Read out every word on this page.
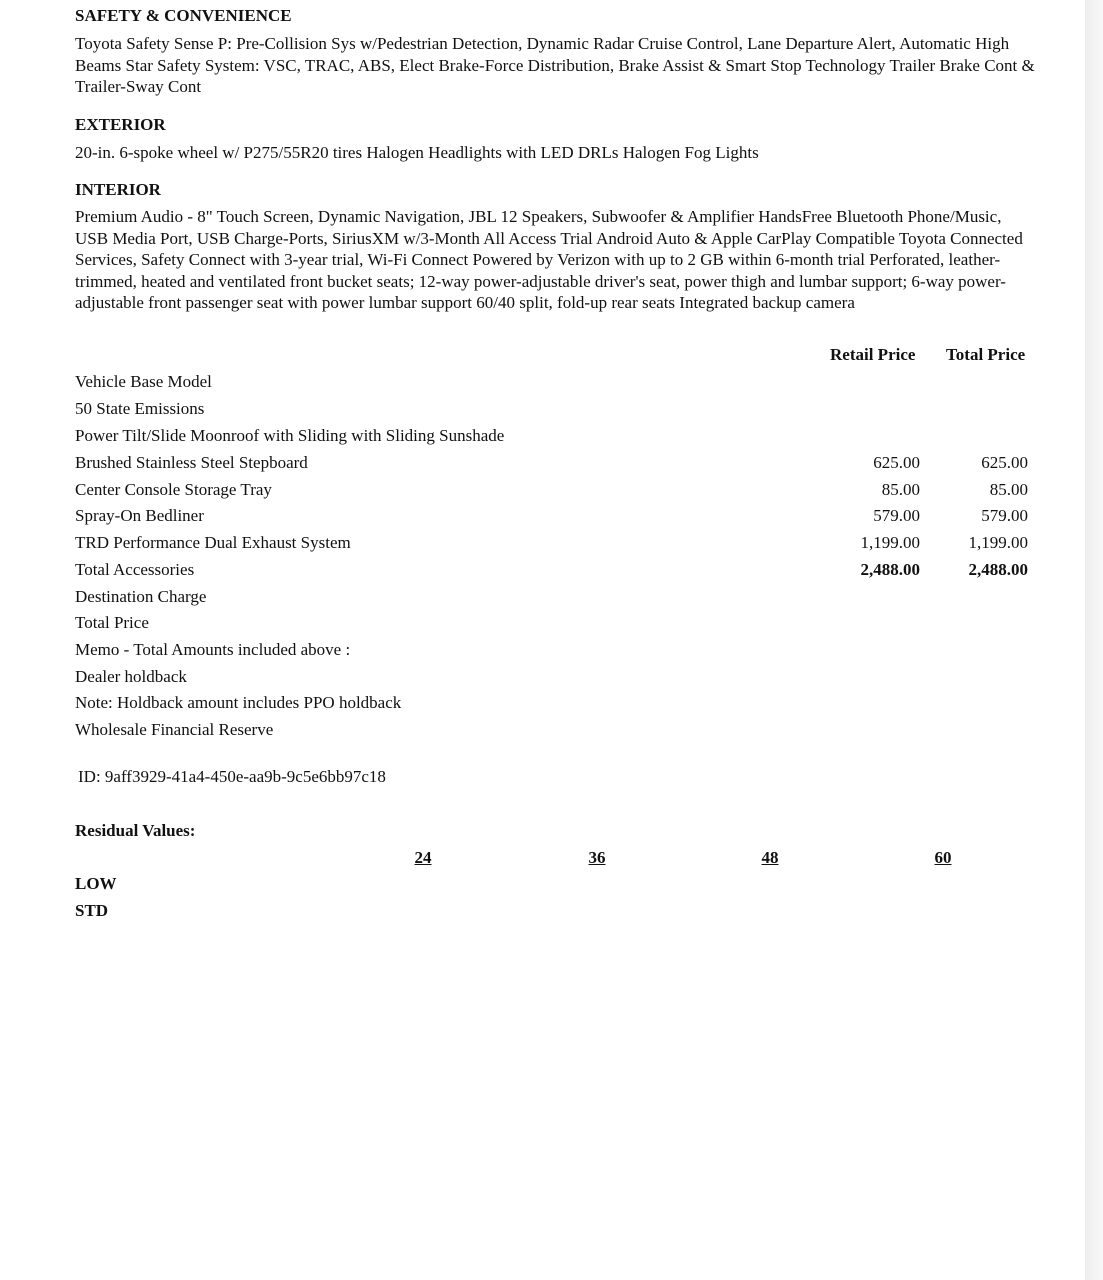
SAFETY & CONVENIENCE
Toyota Safety Sense P: Pre-Collision Sys w/Pedestrian Detection, Dynamic Radar Cruise Control, Lane Departure Alert, Automatic High Beams Star Safety System: VSC, TRAC, ABS, Elect Brake-Force Distribution, Brake Assist & Smart Stop Technology Trailer Brake Cont & Trailer-Sway Cont
EXTERIOR
20-in. 6-spoke wheel w/ P275/55R20 tires Halogen Headlights with LED DRLs Halogen Fog Lights
INTERIOR
Premium Audio - 8" Touch Screen, Dynamic Navigation, JBL 12 Speakers, Subwoofer & Amplifier HandsFree Bluetooth Phone/Music, USB Media Port, USB Charge-Ports, SiriusXM w/3-Month All Access Trial Android Auto & Apple CarPlay Compatible Toyota Connected Services, Safety Connect with 3-year trial, Wi-Fi Connect Powered by Verizon with up to 2 GB within 6-month trial Perforated, leather-trimmed, heated and ventilated front bucket seats; 12-way power-adjustable driver's seat, power thigh and lumbar support; 6-way power-adjustable front passenger seat with power lumbar support 60/40 split, fold-up rear seats Integrated backup camera
Retail Price Total Price
Vehicle Base Model
50 State Emissions
Power Tilt/Slide Moonroof with Sliding with Sliding Sunshade
Brushed Stainless Steel Stepboard	625.00	625.00
Center Console Storage Tray	85.00	85.00
Spray-On Bedliner	579.00	579.00
TRD Performance Dual Exhaust System	1,199.00	1,199.00
Total Accessories	2,488.00	2,488.00
Destination Charge
Total Price
Memo - Total Amounts included above :
Dealer holdback
Note: Holdback amount includes PPO holdback
Wholesale Financial Reserve
ID: 9aff3929-41a4-450e-aa9b-9c5e6bb97c18
Residual Values:
24	36	48	60
LOW
STD
